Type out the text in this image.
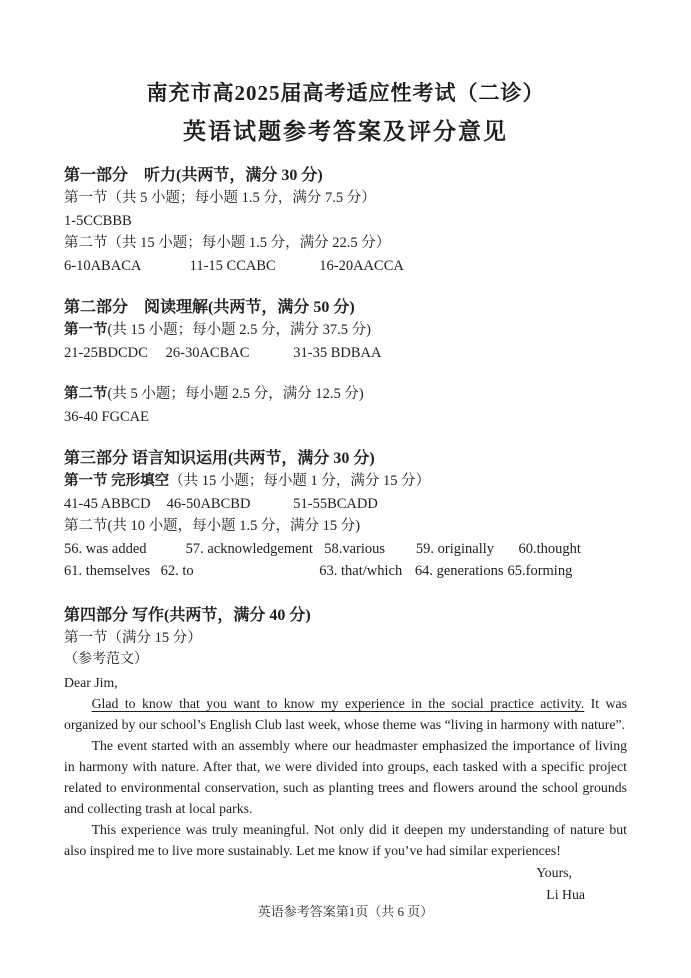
南充市高2025届高考适应性考试（二诊）
英语试题参考答案及评分意见

第一部分　听力(共两节，满分 30 分)

第一节（共 5 小题；每小题 1.5 分，满分 7.5 分）

1-5CCBBB

第二节（共 15 小题；每小题 1.5 分，满分 22.5 分）

6-10ABACA	11-15 CCABC	16-20AACCA

第二部分　阅读理解(共两节，满分 50 分)

第一节(共 15 小题；每小题 2.5 分，满分 37.5 分)

21-25BDCDC 26-30ACBAC	31-35 BDBAA

第二节(共 5 小题；每小题 2.5 分，满分 12.5 分)

36-40 FGCAE

第三部分 语言知识运用(共两节，满分 30 分)

第一节 完形填空（共 15 小题；每小题 1 分，满分 15 分）

41-45 ABBCD 46-50ABCBD	51-55BCADD

第二节(共 10 小题，每小题 1.5 分，满分 15 分)

56. was added	57. acknowledgement 58.various 59. originally 60.thought

61. themselves 62. to	63. that/which 64. generations 65.forming

第四部分 写作(共两节，满分 40 分)

第一节（满分 15 分）

（参考范文）

Dear Jim,

Glad to know that you want to know my experience in the social practice activity. It was organized by our school’s English Club last week, whose theme was “living in harmony with nature”.

The event started with an assembly where our headmaster emphasized the importance of living in harmony with nature. After that, we were divided into groups, each tasked with a specific project related to environmental conservation, such as planting trees and flowers around the school grounds and collecting trash at local parks.

This experience was truly meaningful. Not only did it deepen my understanding of nature but also inspired me to live more sustainably. Let me know if you’ve had similar experiences!

Yours,

Li Hua

英语参考答案第1页（共 6 页）
